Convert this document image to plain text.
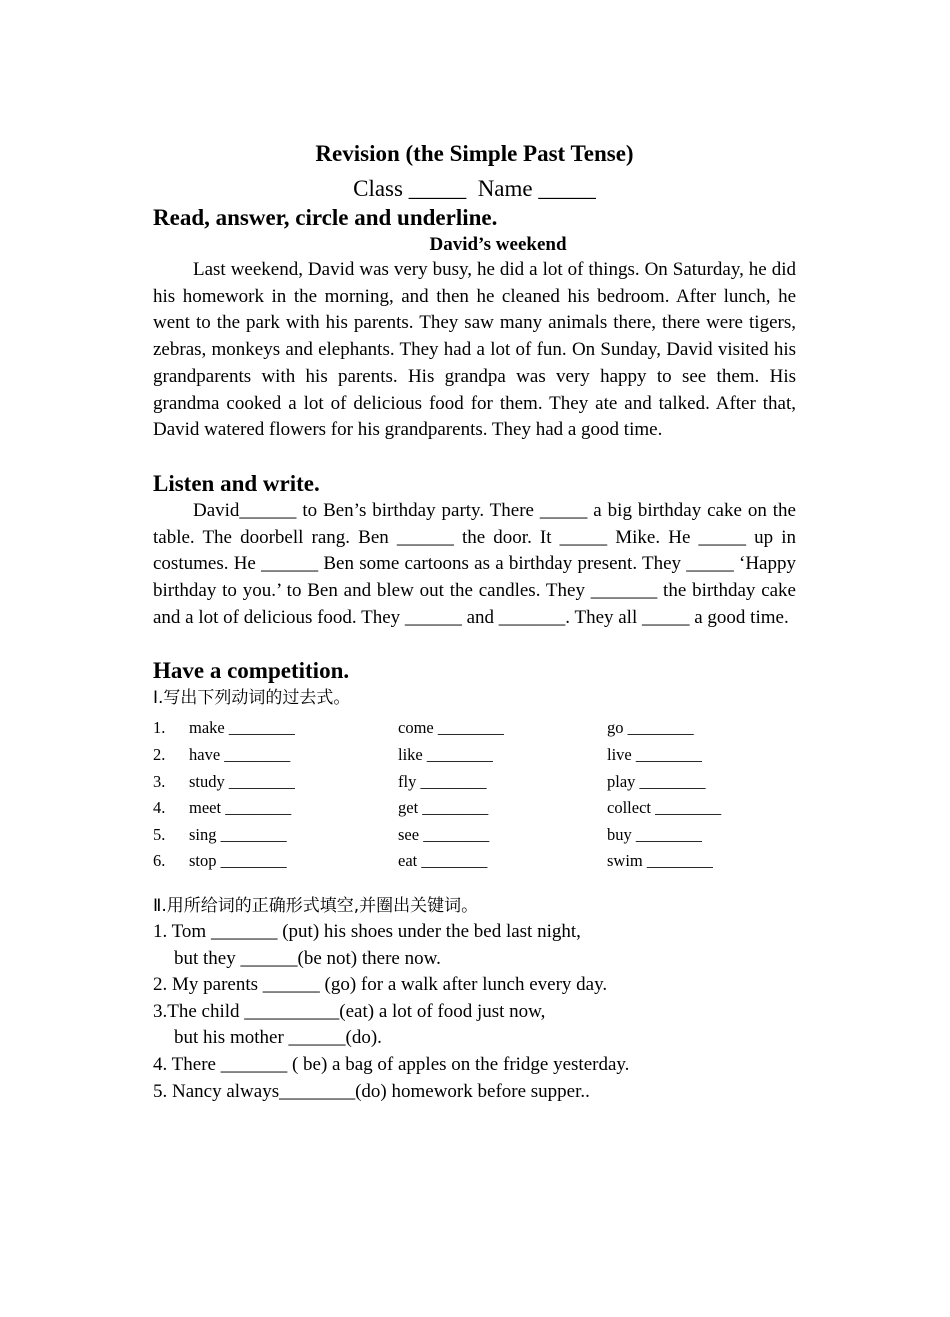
Revision (the Simple Past Tense)

Class _____  Name _____

Read, answer, circle and underline.

David’s weekend

Last weekend, David was very busy, he did a lot of things. On Saturday, he did his homework in the morning, and then he cleaned his bedroom. After lunch, he went to the park with his parents. They saw many animals there, there were tigers, zebras, monkeys and elephants. They had a lot of fun. On Sunday, David visited his grandparents with his parents. His grandpa was very happy to see them. His grandma cooked a lot of delicious food for them. They ate and talked. After that, David watered flowers for his grandparents. They had a good time.

Listen and write.

David______ to Ben’s birthday party. There _____ a big birthday cake on the table. The doorbell rang. Ben ______ the door. It _____ Mike. He _____ up in costumes. He ______ Ben some cartoons as a birthday present. They _____ ‘Happy birthday to you.’ to Ben and blew out the candles. They _______ the birthday cake and a lot of delicious food. They ______ and _______. They all _____ a good time.

Have a competition.

Ⅰ.写出下列动词的过去式。

1.	make ________	come ________	go ________
2.	have ________	like ________	live ________
3.	study ________	fly ________	play ________
4.	meet ________	get ________	collect ________
5.	sing ________	see ________	buy ________
6.	stop ________	eat ________	swim ________

Ⅱ.用所给词的正确形式填空,并圈出关键词。

1. Tom _______ (put) his shoes under the bed last night,

but they ______(be not) there now.

2. My parents ______ (go) for a walk after lunch every day.

3.The child __________(eat) a lot of food just now,

but his mother ______(do).

4. There _______ ( be) a bag of apples on the fridge yesterday.

5. Nancy always________(do) homework before supper..
